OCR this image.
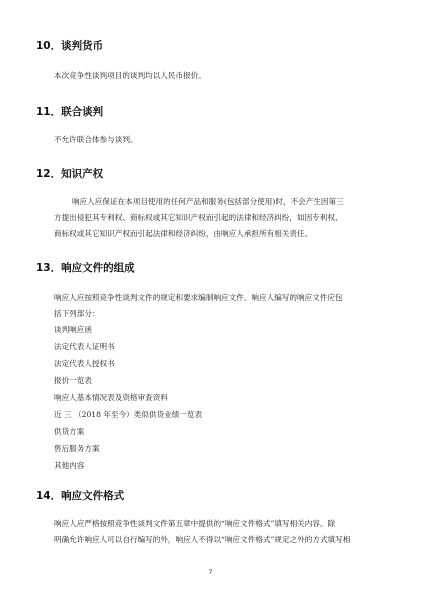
10．谈判货币
本次竞争性谈判项目的谈判均以人民币报价。
11．联合谈判
不允许联合体参与谈判。
12．知识产权
响应人应保证在本项目使用的任何产品和服务(包括部分使用)时，不会产生因第三
方提出侵犯其专利权、商标权或其它知识产权而引起的法律和经济纠纷，如因专利权、
商标权或其它知识产权而引起法律和经济纠纷，由响应人承担所有相关责任。
13．响应文件的组成
响应人应按照竞争性谈判文件的规定和要求编制响应文件。响应人编写的响应文件应包
括下列部分：
谈判响应函
法定代表人证明书
法定代表人授权书
报价一览表
响应人基本情况表及资格审查资料
近 三 （2018 年至今）类似供货业绩一览表
供货方案
售后服务方案
其他内容
14．响应文件格式
响应人应严格按照竞争性谈判文件第五章中提供的“响应文件格式”填写相关内容。除
明确允许响应人可以自行编写的外，响应人不得以“响应文件格式”规定之外的方式填写相
7
